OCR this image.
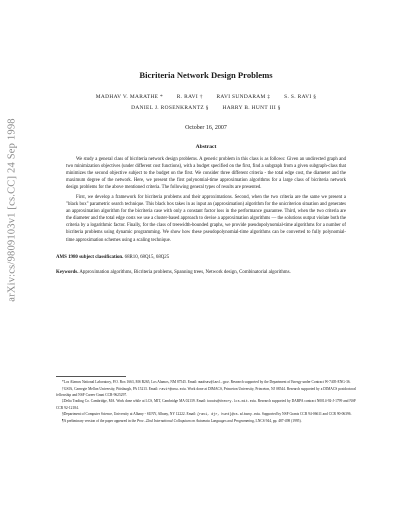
arXiv:cs/9809103v1 [cs.CC] 24 Sep 1998
Bicriteria Network Design Problems
MADHAV V. MARATHE *	R. RAVI †	RAVI SUNDARAM ‡	S. S. RAVI §
DANIEL J. ROSENKRANTZ §	HARRY B. HUNT III §
October 16, 2007
Abstract

We study a general class of bicriteria network design problems. A generic problem in this class is as follows: Given an undirected graph and two minimization objectives (under different cost functions), with a budget specified on the first, find a subgraph from a given subgraph-class that minimizes the second objective subject to the budget on the first. We consider three different criteria - the total edge cost, the diameter and the maximum degree of the network. Here, we present the first polynomial-time approximation algorithms for a large class of bicriteria network design problems for the above mentioned criteria. The following general types of results are presented.

First, we develop a framework for bicriteria problems and their approximations. Second, when the two criteria are the same we present a "black box" parametric search technique. This black box takes in as input an (approximation) algorithm for the unicriterion situation and generates an approximation algorithm for the bicriteria case with only a constant factor loss in the performance guarantee. Third, when the two criteria are the diameter and the total edge costs we use a cluster-based approach to devise a approximation algorithms — the solutions output violate both the criteria by a logarithmic factor. Finally, for the class of treewidth-bounded graphs, we provide pseudopolynomial-time algorithms for a number of bicriteria problems using dynamic programming. We show how these pseudopolynomial-time algorithms can be converted to fully polynomial-time approximation schemes using a scaling technique.

AMS 1980 subject classification. 68R10, 68Q15, 68Q25
Keywords. Approximation algorithms, Bicriteria problems, Spanning trees, Network design, Combinatorial algorithms.

*Los Alamos National Laboratory, P.O. Box 1663, MS B265, Los Alamos, NM 87545. Email: madhav@lanl.gov. Research supported by the Department of Energy under Contract W-7405-ENG-36.

†GSIA, Carnegie Mellon University, Pittsburgh, PA 15213. Email: ravi+@cmu.edu. Work done at DIMACS, Princeton University, Princeton, NJ 08544. Research supported by a DIMACS postdoctoral fellowship and NSF Career Grant CCR-9625297.

‡Delta Trading Co. Cambridge, MA. Work done while at LCS, MIT, Cambridge MA 02139. Email: koods@theory.lcs.mit.edu. Research supported by DARPA contract N0014-92-J-1799 and NSF CCR 92-12184.

§Department of Computer Science, University at Albany - SUNY, Albany, NY 12222. Email: {ravi, djr, hunt}@cs.albany.edu. Supported by NSF Grants CCR 94-06611 and CCR 90-06396.

¶A preliminary version of the paper appeared in the Proc. 22nd International Colloquium on Automata Languages and Programming, LNCS 944, pp. 487-498 (1995).
